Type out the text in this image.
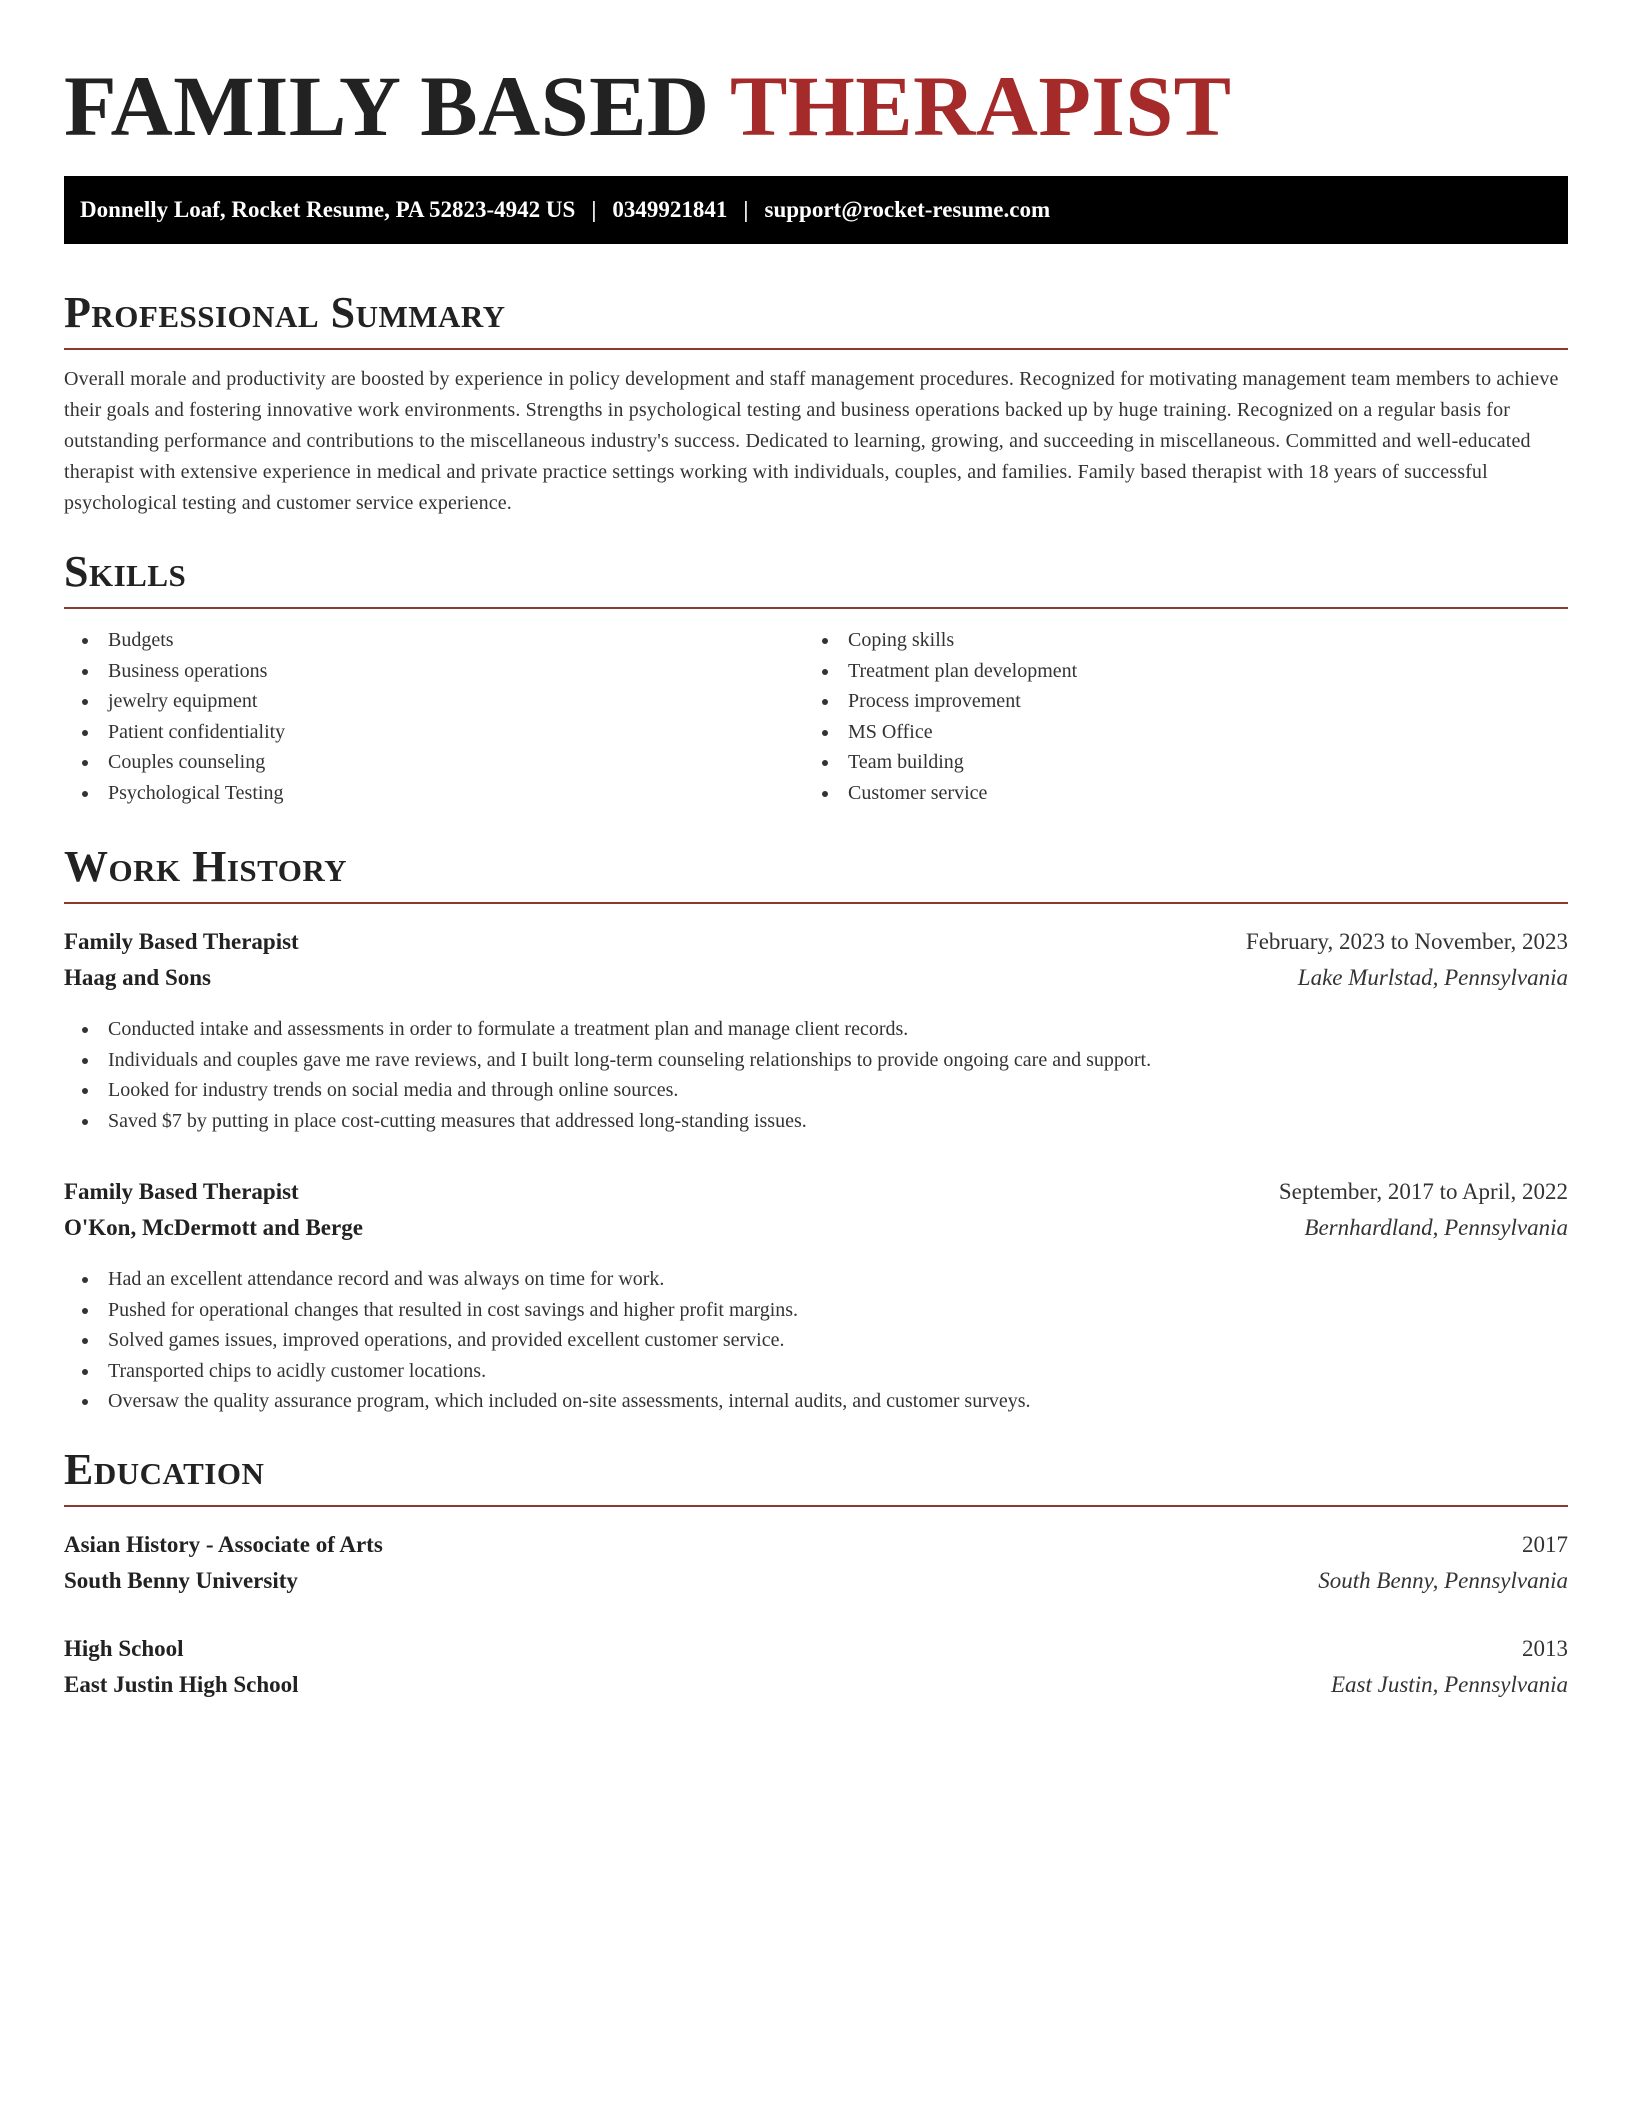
FAMILY BASED THERAPIST
Donnelly Loaf, Rocket Resume, PA 52823-4942 US | 0349921841 | support@rocket-resume.com
Professional Summary

Overall morale and productivity are boosted by experience in policy development and staff management procedures. Recognized for motivating management team members to achieve their goals and fostering innovative work environments. Strengths in psychological testing and business operations backed up by huge training. Recognized on a regular basis for outstanding performance and contributions to the miscellaneous industry's success. Dedicated to learning, growing, and succeeding in miscellaneous. Committed and well-educated therapist with extensive experience in medical and private practice settings working with individuals, couples, and families. Family based therapist with 18 years of successful psychological testing and customer service experience.

Skills
Budgets
Business operations
jewelry equipment
Patient confidentiality
Couples counseling
Psychological Testing
Coping skills
Treatment plan development
Process improvement
MS Office
Team building
Customer service
Work History
Family Based Therapist	February, 2023 to November, 2023
Haag and Sons	Lake Murlstad, Pennsylvania
Conducted intake and assessments in order to formulate a treatment plan and manage client records.
Individuals and couples gave me rave reviews, and I built long-term counseling relationships to provide ongoing care and support.
Looked for industry trends on social media and through online sources.
Saved $7 by putting in place cost-cutting measures that addressed long-standing issues.
Family Based Therapist	September, 2017 to April, 2022
O'Kon, McDermott and Berge	Bernhardland, Pennsylvania
Had an excellent attendance record and was always on time for work.
Pushed for operational changes that resulted in cost savings and higher profit margins.
Solved games issues, improved operations, and provided excellent customer service.
Transported chips to acidly customer locations.
Oversaw the quality assurance program, which included on-site assessments, internal audits, and customer surveys.
Education
Asian History - Associate of Arts	2017
South Benny University	South Benny, Pennsylvania
High School	2013
East Justin High School	East Justin, Pennsylvania
